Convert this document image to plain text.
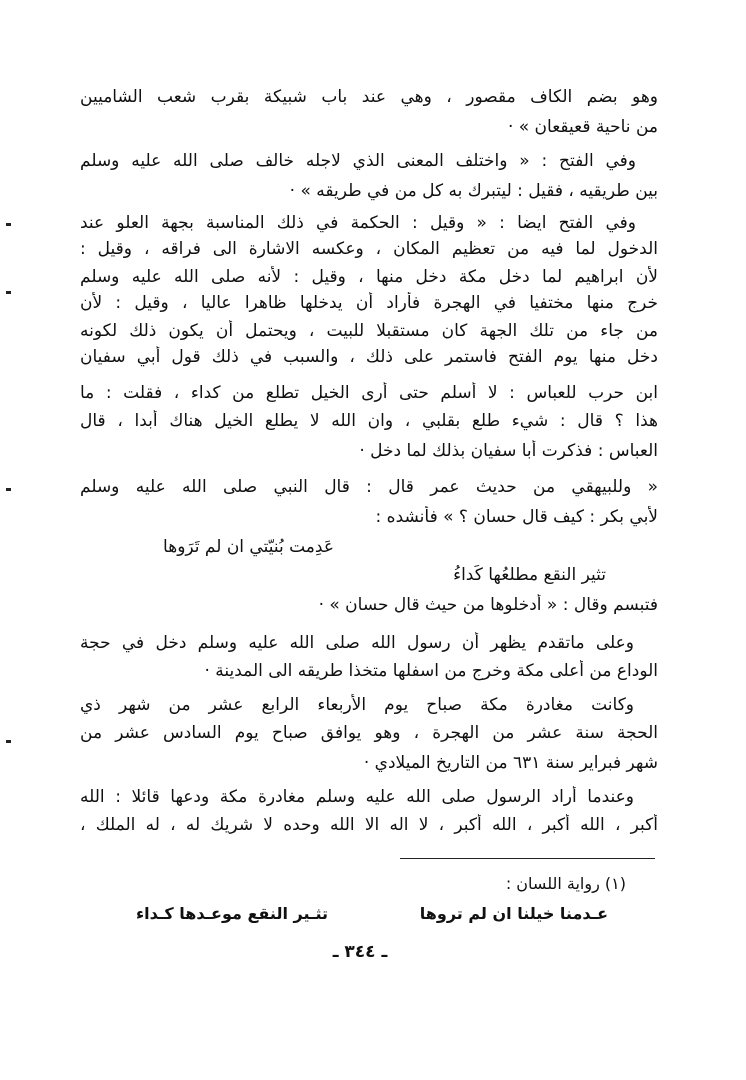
وهو بضم الكاف مقصور ، وهي عند باب شبيكة بقرب شعب الشاميين
من ناحية قعيقعان » ·
وفي الفتح : « واختلف المعنى الذي لاجله خالف صلى الله عليه وسلم
بين طريقيه ، فقيل : ليتبرك به كل من في طريقه » ·
وفي الفتح ايضا : « وقيل : الحكمة في ذلك المناسبة بجهة العلو عند
الدخول لما فيه من تعظيم المكان ، وعكسه الاشارة الى فراقه ، وقيل :
لأن ابراهيم لما دخل مكة دخل منها ، وقيل : لأنه صلى الله عليه وسلم
خرج منها مختفيا في الهجرة فأراد أن يدخلها ظاهرا عاليا ، وقيل : لأن
من جاء من تلك الجهة كان مستقبلا للبيت ، ويحتمل أن يكون ذلك لكونه
دخل منها يوم الفتح فاستمر على ذلك ، والسبب في ذلك قول أبي سفيان
ابن حرب للعباس : لا أسلم حتى أرى الخيل تطلع من كداء ، فقلت : ما
هذا ؟ قال : شيء طلع بقلبي ، وان الله لا يطلع الخيل هناك أبدا ، قال
العباس : فذكرت أبا سفيان بذلك لما دخل ·
« وللبيهقي من حديث عمر قال : قال النبي صلى الله عليه وسلم
لأبي بكر : كيف قال حسان ؟ » فأنشده :
عَدِمت بُنيّتي ان لم تَرَوها
تثير النقع مطلعُها كَداءُ
فتبسم وقال : « أدخلوها من حيث قال حسان » ·
وعلى ماتقدم يظهر أن رسول الله صلى الله عليه وسلم دخل في حجة
الوداع من أعلى مكة وخرج من اسفلها متخذا طريقه الى المدينة ·
وكانت مغادرة مكة صباح يوم الأربعاء الرابع عشر من شهر ذي
الحجة سنة عشر من الهجرة ، وهو يوافق صباح يوم السادس عشر من
شهر فبراير سنة ٦٣١ من التاريخ الميلادي ·
وعندما أراد الرسول صلى الله عليه وسلم مغادرة مكة ودعها قائلا : الله
أكبر ، الله أكبر ، الله أكبر ، لا اله الا الله وحده لا شريك له ، له الملك ،
(١) رواية اللسان :
عـدمنا خيلنا ان لم تروها
تثـير النقع موعـدها كـداء
ـ ٣٤٤ ـ
